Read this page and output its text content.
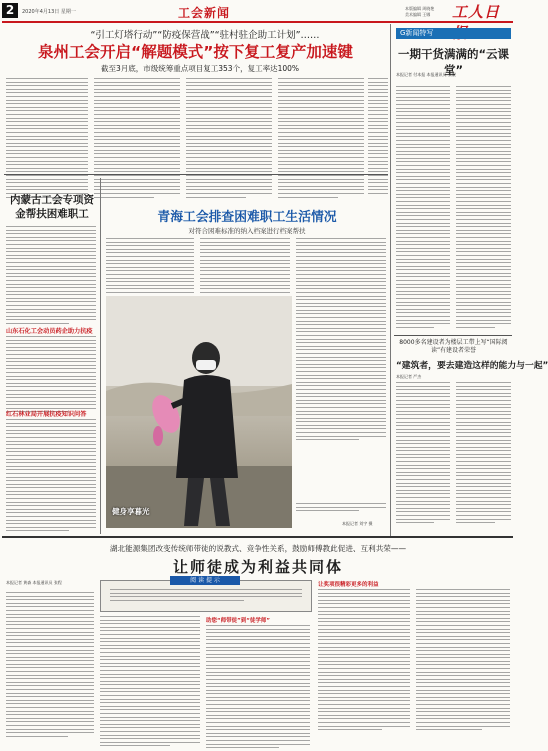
2	2020年4月13日 星期一	工会新闻	本版编辑 周晓艳
美术编辑 王娜 工人日
“引工灯塔行动”“防疫保营战”“驻村驻企助工计划”……
泉州工会开启“解题模式”按下复工复产加速键
截至3月底，市级统筹重点项目复工353个，复工率达100%
G新闻特写
一期干货满满的“云课堂”
本报记者 付本报 本报通讯员 张毅
8000多名建设者为楼层工带上写“国际阅读”有建设者荣誉
“建筑者，要去建造这样的能力与一起”
本报记者 严杰
内蒙古工会专项资金帮扶困难职工
山东石化工会动员药企助力抗疫
红石林业局开展抗疫知识问答
青海工会排查困难职工生活情况
对符合困难标准的纳入档案进行档案帮扶
健身享暮光
本报记者 刘宇 摄
湖北能源集团改变传统师带徒的说教式、竞争性关系，鼓励师傅教此促进、互利共荣——
让师徒成为利益共同体
阅 读 提 示
本报记者 黄森 本报通讯员 张程
助您“师带徒”到“徒学师”
让奖项很精彩更多的利益
